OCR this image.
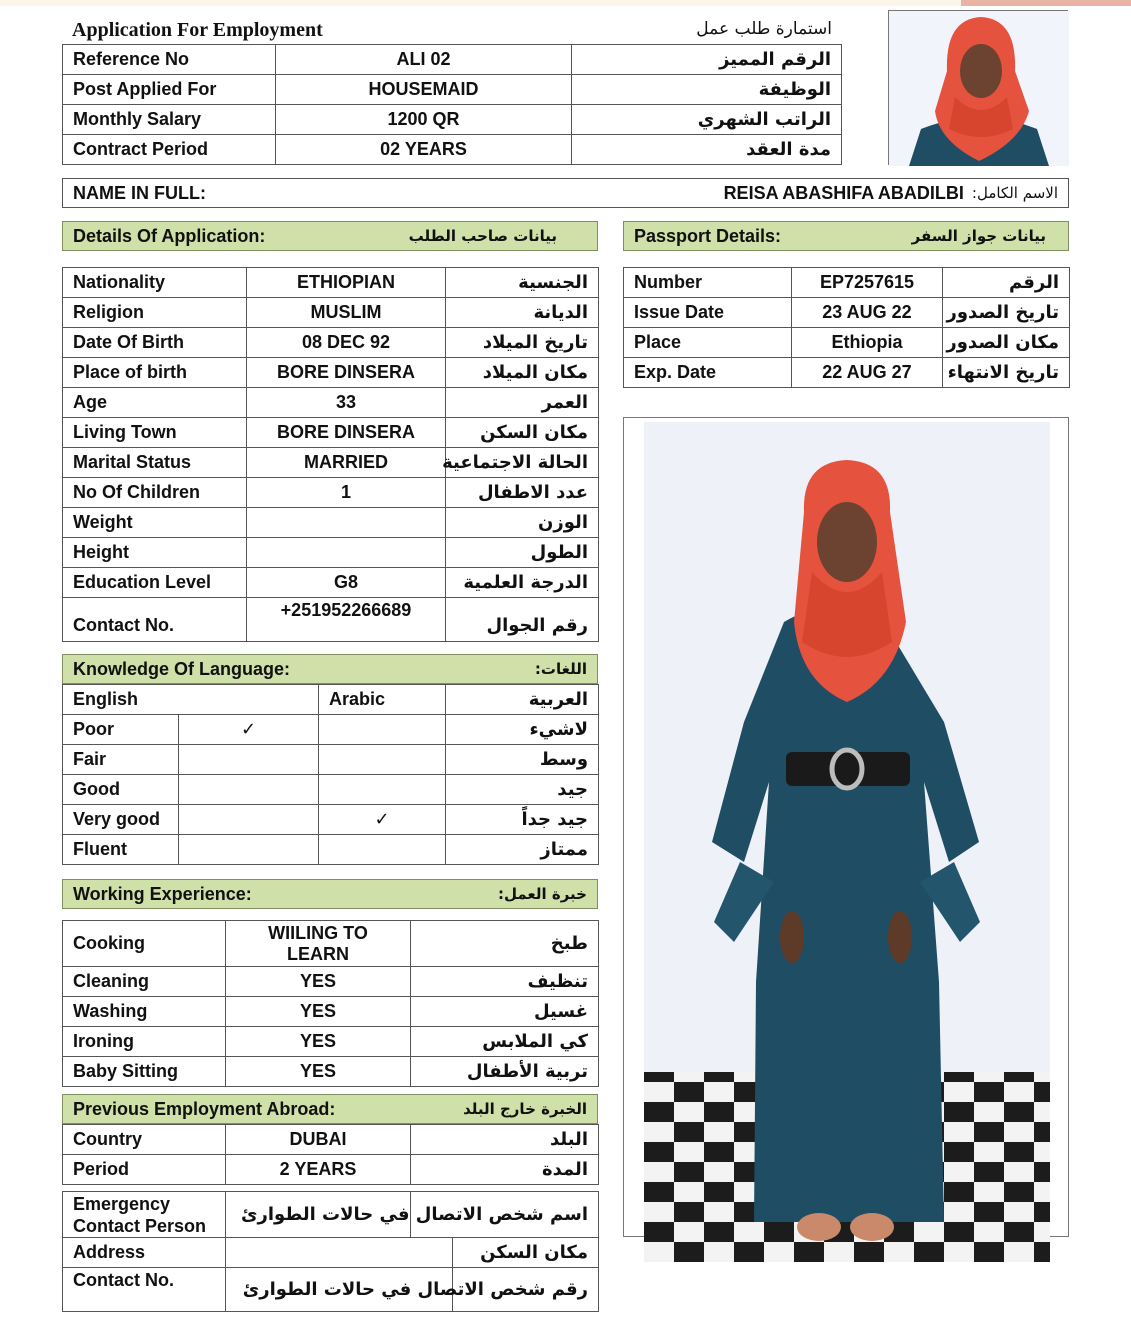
Application For Employment	استمارة طلب عمل
Reference No	ALI 02	الرقم المميز
Post Applied For	HOUSEMAID	الوظيفة
Monthly Salary	1200 QR	الراتب الشهري
Contract Period	02 YEARS	مدة العقد
NAME IN FULL:	REISA ABASHIFA ABADILBI الاسم الكامل:
Details Of Application:	بيانات صاحب الطلب
Nationality	ETHIOPIAN	الجنسية
Religion	MUSLIM	الديانة
Date Of Birth	08 DEC 92	تاريخ الميلاد
Place of birth	BORE DINSERA	مكان الميلاد
Age	33	العمر
Living Town	BORE DINSERA	مكان السكن
Marital Status	MARRIED	الحالة الاجتماعية
No Of Children	1	عدد الاطفال
Weight		الوزن
Height		الطول
Education Level	G8	الدرجة العلمية
Contact No.	+251952266689	رقم الجوال
Passport Details:	بيانات جواز السفر
Number	EP7257615	الرقم
Issue Date	23 AUG 22	تاريخ الصدور
Place	Ethiopia	مكان الصدور
Exp. Date	22 AUG 27	تاريخ الانتهاء
Knowledge Of Language:	اللغات:
English		Arabic	العربية
Poor	✓		لاشيء
Fair			وسط
Good			جيد
Very good		✓	جيد جداً
Fluent			ممتاز
Working Experience:	خبرة العمل:
Cooking	WIILING TO LEARN	طبخ
Cleaning	YES	تنظيف
Washing	YES	غسيل
Ironing	YES	كي الملابس
Baby Sitting	YES	تربية الأطفال
Previous Employment Abroad:	الخبرة خارج البلد
Country	DUBAI	البلد
Period	2 YEARS	المدة
Emergency Contact Person		اسم شخص الاتصال في حالات الطوارئ	
Address			مكان السكن
Contact No.			رقم شخص الاتصال في حالات الطوارئ
